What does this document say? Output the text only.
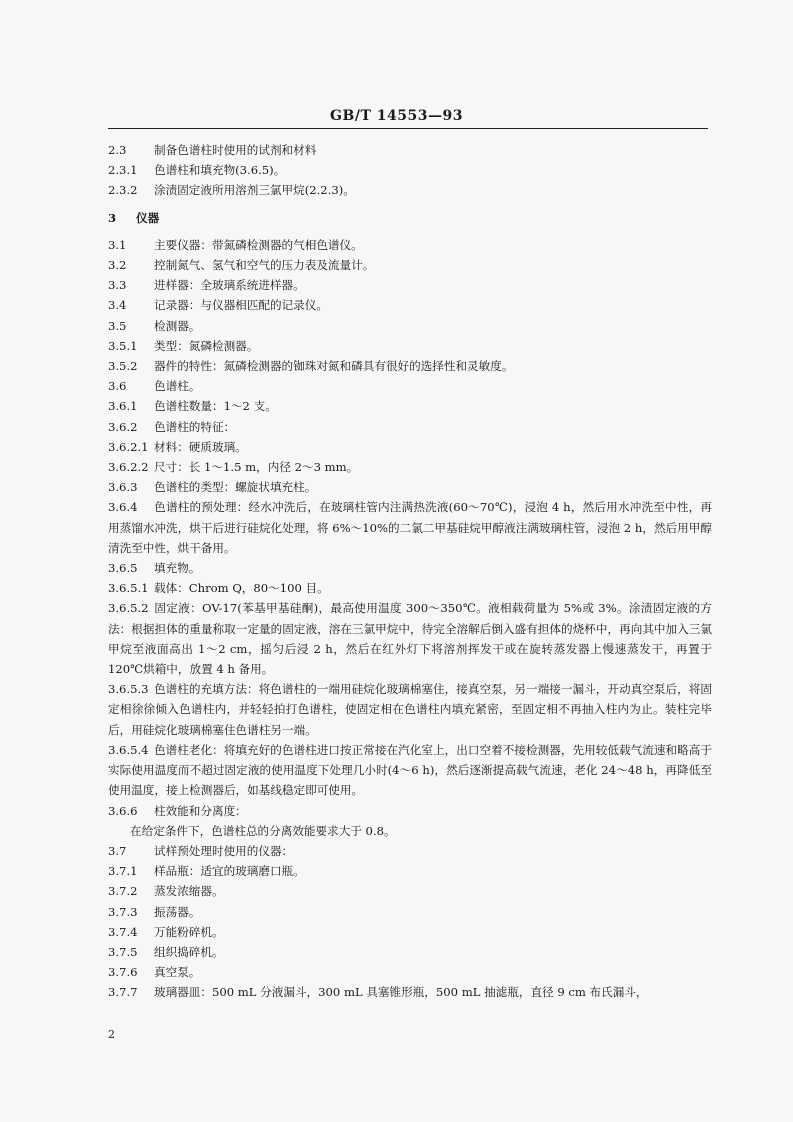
GB/T 14553—93

2.3 制备色谱柱时使用的试剂和材料

2.3.1 色谱柱和填充物(3.6.5)。

2.3.2 涂渍固定液所用溶剂三氯甲烷(2.2.3)。

3 仪器

3.1 主要仪器：带氮磷检测器的气相色谱仪。

3.2 控制氮气、氢气和空气的压力表及流量计。

3.3 进样器：全玻璃系统进样器。

3.4 记录器：与仪器相匹配的记录仪。

3.5 检测器。

3.5.1 类型：氮磷检测器。

3.5.2 器件的特性：氮磷检测器的铷珠对氮和磷具有很好的选择性和灵敏度。

3.6 色谱柱。

3.6.1 色谱柱数量：1～2 支。

3.6.2 色谱柱的特征：

3.6.2.1 材料：硬质玻璃。

3.6.2.2 尺寸：长 1～1.5 m，内径 2～3 mm。

3.6.3 色谱柱的类型：螺旋状填充柱。

3.6.4 色谱柱的预处理：经水冲洗后，在玻璃柱管内注满热洗液(60～70℃)，浸泡 4 h，然后用水冲洗至中性，再用蒸馏水冲洗，烘干后进行硅烷化处理，将 6%～10%的二氯二甲基硅烷甲醇液注满玻璃柱管，浸泡 2 h，然后用甲醇清洗至中性，烘干备用。

3.6.5 填充物。

3.6.5.1 载体：Chrom Q，80～100 目。

3.6.5.2 固定液：OV-17(苯基甲基硅酮)，最高使用温度 300～350℃。液相载荷量为 5%或 3%。涂渍固定液的方法：根据担体的重量称取一定量的固定液，溶在三氯甲烷中，待完全溶解后倒入盛有担体的烧杯中，再向其中加入三氯甲烷至液面高出 1～2 cm，摇匀后浸 2 h，然后在红外灯下将溶剂挥发干或在旋转蒸发器上慢速蒸发干，再置于 120℃烘箱中，放置 4 h 备用。

3.6.5.3 色谱柱的充填方法：将色谱柱的一端用硅烷化玻璃棉塞住，接真空泵，另一端接一漏斗，开动真空泵后，将固定相徐徐倾入色谱柱内，并轻轻拍打色谱柱，使固定相在色谱柱内填充紧密，至固定相不再抽入柱内为止。装柱完毕后，用硅烷化玻璃棉塞住色谱柱另一端。

3.6.5.4 色谱柱老化：将填充好的色谱柱进口按正常接在汽化室上，出口空着不接检测器，先用较低载气流速和略高于实际使用温度而不超过固定液的使用温度下处理几小时(4～6 h)，然后逐渐提高载气流速，老化 24～48 h，再降低至使用温度，接上检测器后，如基线稳定即可使用。

3.6.6 柱效能和分离度：

在给定条件下，色谱柱总的分离效能要求大于 0.8。

3.7 试样预处理时使用的仪器：

3.7.1 样品瓶：适宜的玻璃磨口瓶。

3.7.2 蒸发浓缩器。

3.7.3 振荡器。

3.7.4 万能粉碎机。

3.7.5 组织捣碎机。

3.7.6 真空泵。

3.7.7 玻璃器皿：500 mL 分液漏斗，300 mL 具塞锥形瓶，500 mL 抽滤瓶，直径 9 cm 布氏漏斗，

2
